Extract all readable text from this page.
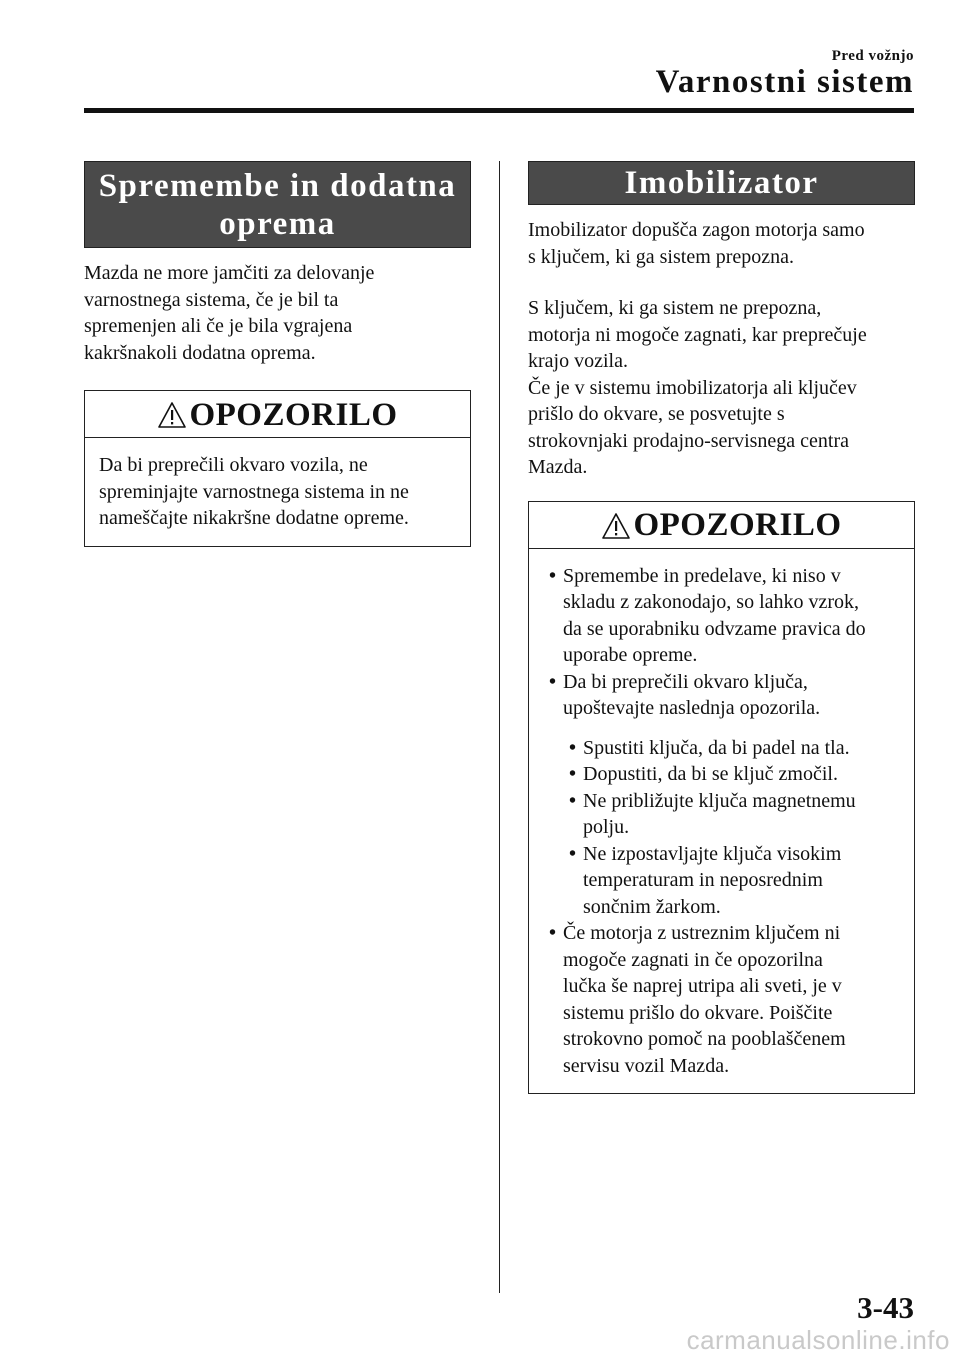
Pred vožnjo
Varnostni sistem
Spremembe in dodatna
oprema
Mazda ne more jamčiti za delovanje
varnostnega sistema, če je bil ta
spremenjen ali če je bila vgrajena
kakršnakoli dodatna oprema.
OPOZORILO
Da bi preprečili okvaro vozila, ne
spreminjajte varnostnega sistema in ne
nameščajte nikakršne dodatne opreme.
Imobilizator
Imobilizator dopušča zagon motorja samo
s ključem, ki ga sistem prepozna.
S ključem, ki ga sistem ne prepozna,
motorja ni mogoče zagnati, kar preprečuje
krajo vozila.
Če je v sistemu imobilizatorja ali ključev
prišlo do okvare, se posvetujte s
strokovnjaki prodajno-servisnega centra
Mazda.
OPOZORILO
• Spremembe in predelave, ki niso v
skladu z zakonodajo, so lahko vzrok,
da se uporabniku odvzame pravica do
uporabe opreme.
• Da bi preprečili okvaro ključa,
upoštevajte naslednja opozorila.
• Spustiti ključa, da bi padel na tla.
• Dopustiti, da bi se ključ zmočil.
• Ne približujte ključa magnetnemu
polju.
• Ne izpostavljajte ključa visokim
temperaturam in neposrednim
sončnim žarkom.
• Če motorja z ustreznim ključem ni
mogoče zagnati in če opozorilna
lučka še naprej utripa ali sveti, je v
sistemu prišlo do okvare. Poiščite
strokovno pomoč na pooblaščenem
servisu vozil Mazda.
3-43
carmanualsonline.info
